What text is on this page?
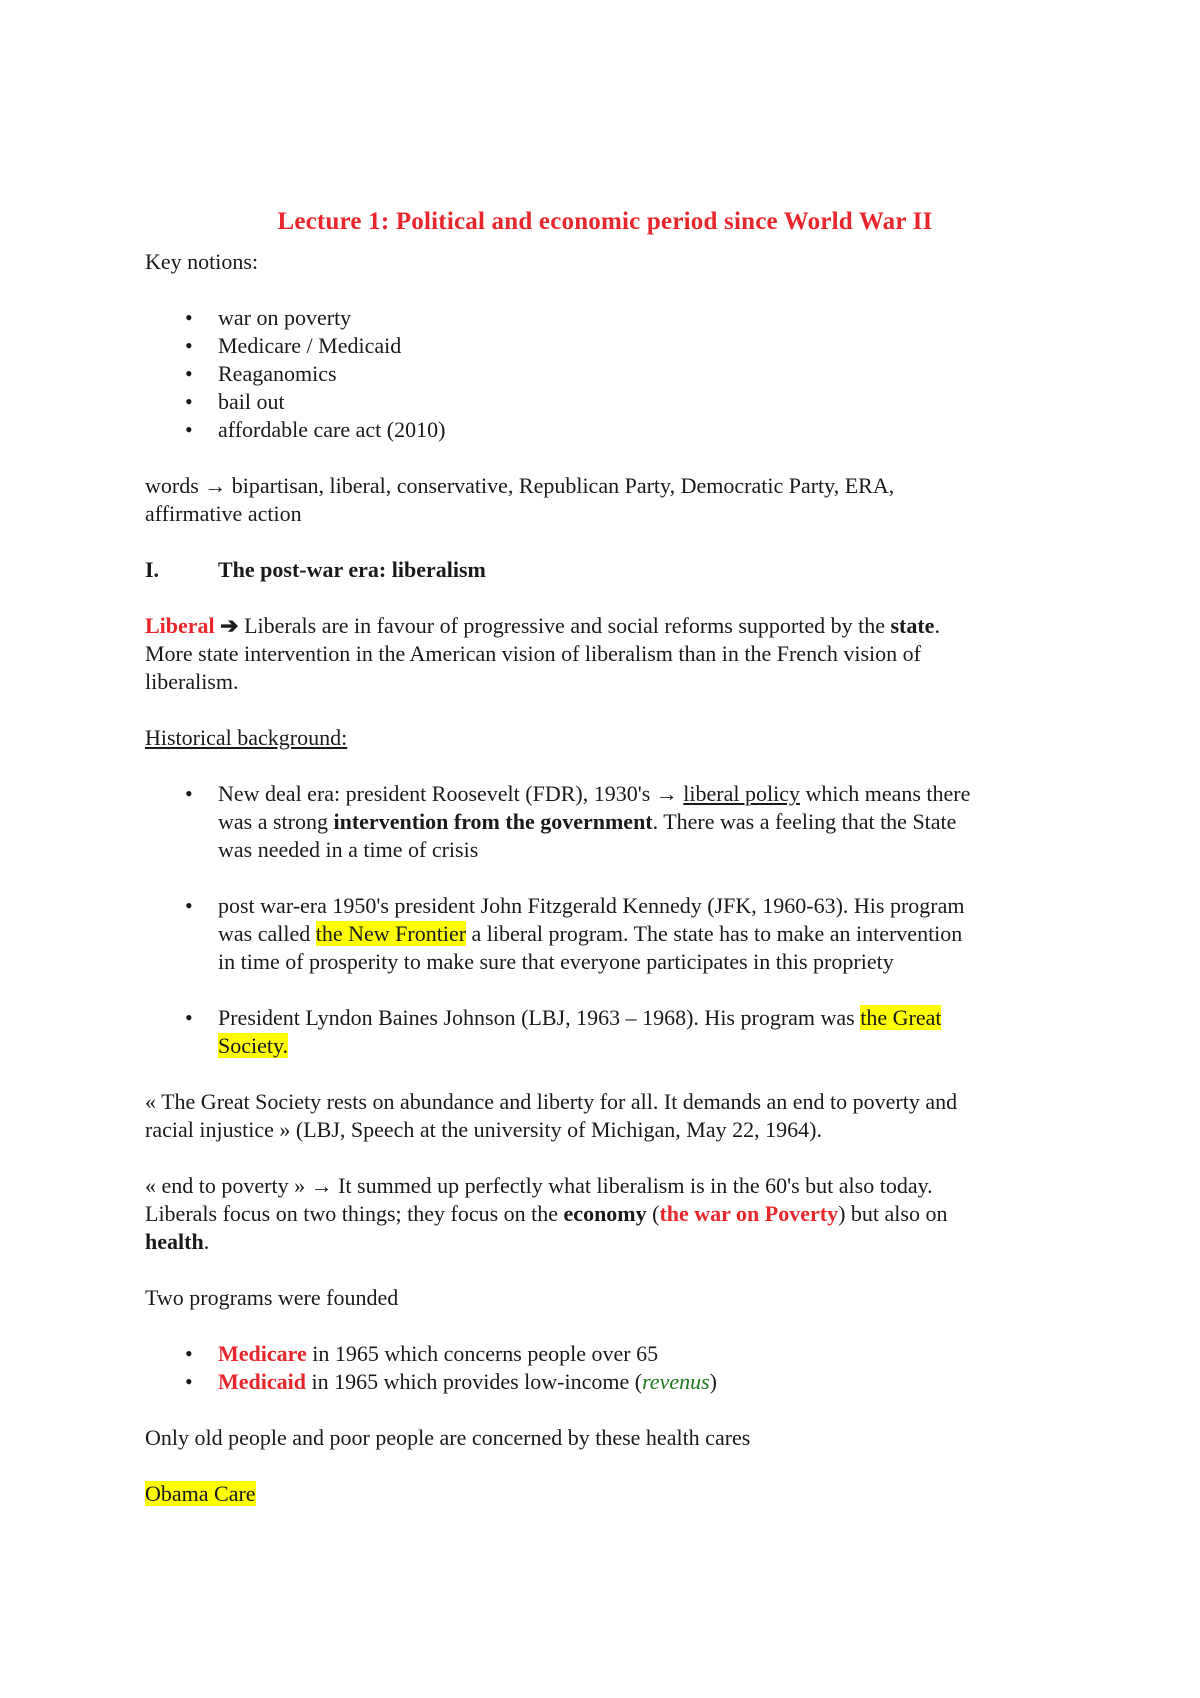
Lecture 1: Political and economic period since World War II
Key notions:
• war on poverty
• Medicare / Medicaid
• Reaganomics
• bail out
• affordable care act (2010)
words → bipartisan, liberal, conservative, Republican Party, Democratic Party, ERA,
affirmative action
I.	The post-war era: liberalism
Liberal ➔ Liberals are in favour of progressive and social reforms supported by the state.
More state intervention in the American vision of liberalism than in the French vision of
liberalism.
Historical background:
• New deal era: president Roosevelt (FDR), 1930's → liberal policy which means there
was a strong intervention from the government. There was a feeling that the State
was needed in a time of crisis
• post war-era 1950's president John Fitzgerald Kennedy (JFK, 1960-63). His program
was called the New Frontier a liberal program. The state has to make an intervention
in time of prosperity to make sure that everyone participates in this propriety
• President Lyndon Baines Johnson (LBJ, 1963 – 1968). His program was the Great
Society.
« The Great Society rests on abundance and liberty for all. It demands an end to poverty and
racial injustice » (LBJ, Speech at the university of Michigan, May 22, 1964).
« end to poverty » → It summed up perfectly what liberalism is in the 60's but also today.
Liberals focus on two things; they focus on the economy (the war on Poverty) but also on
health.
Two programs were founded
• Medicare in 1965 which concerns people over 65
• Medicaid in 1965 which provides low-income (revenus)
Only old people and poor people are concerned by these health cares
Obama Care
